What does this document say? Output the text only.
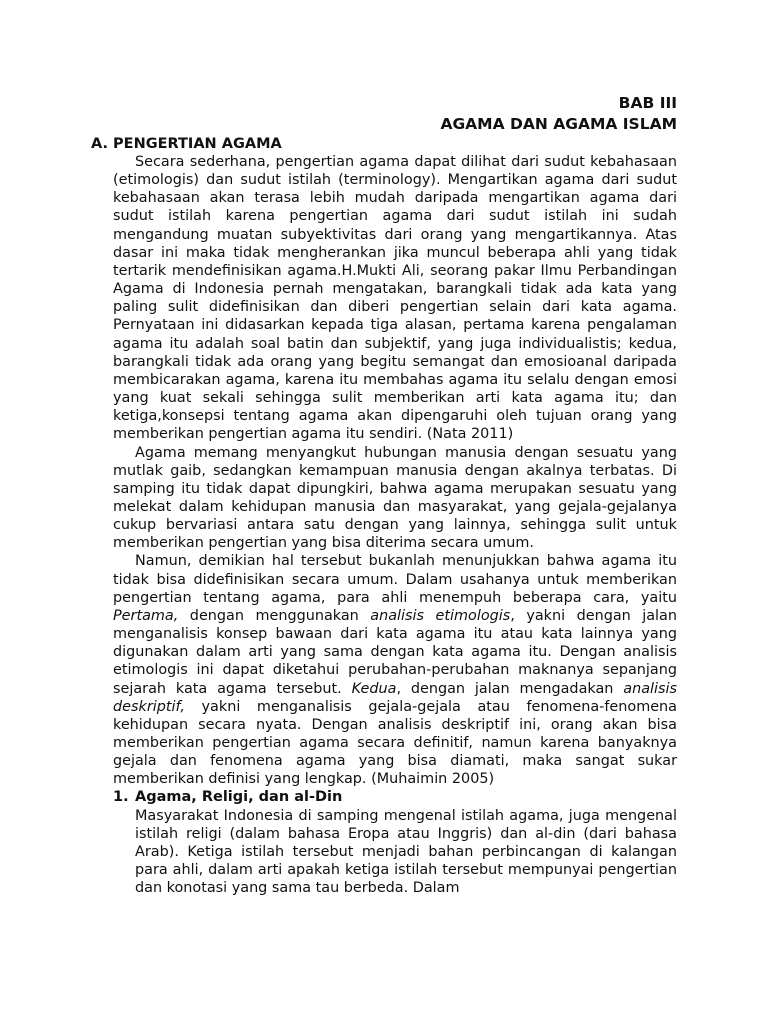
BAB III
AGAMA DAN AGAMA ISLAM
A. PENGERTIAN AGAMA

Secara sederhana, pengertian agama dapat dilihat dari sudut kebahasaan (etimologis) dan sudut istilah (terminology). Mengartikan agama dari sudut kebahasaan akan terasa lebih mudah daripada mengartikan agama dari sudut istilah karena pengertian agama dari sudut istilah ini sudah mengandung muatan subyektivitas dari orang yang mengartikannya. Atas dasar ini maka tidak mengherankan jika muncul beberapa ahli yang tidak tertarik mendefinisikan agama.H.Mukti Ali, seorang pakar Ilmu Perbandingan Agama di Indonesia pernah mengatakan, barangkali tidak ada kata yang paling sulit didefinisikan dan diberi pengertian selain dari kata agama. Pernyataan ini didasarkan kepada tiga alasan, pertama karena pengalaman agama itu adalah soal batin dan subjektif, yang juga individualistis; kedua, barangkali tidak ada orang yang begitu semangat dan emosioanal daripada membicarakan agama, karena itu membahas agama itu selalu dengan emosi yang kuat sekali sehingga sulit memberikan arti kata agama itu; dan ketiga,konsepsi tentang agama akan dipengaruhi oleh tujuan orang yang memberikan pengertian agama itu sendiri. (Nata 2011)

Agama memang menyangkut hubungan manusia dengan sesuatu yang mutlak gaib, sedangkan kemampuan manusia dengan akalnya terbatas. Di samping itu tidak dapat dipungkiri, bahwa agama merupakan sesuatu yang melekat dalam kehidupan manusia dan masyarakat, yang gejala-gejalanya cukup bervariasi antara satu dengan yang lainnya, sehingga sulit untuk memberikan pengertian yang bisa diterima secara umum.

Namun, demikian hal tersebut bukanlah menunjukkan bahwa agama itu tidak bisa didefinisikan secara umum. Dalam usahanya untuk memberikan pengertian tentang agama, para ahli menempuh beberapa cara, yaitu Pertama, dengan menggunakan analisis etimologis, yakni dengan jalan menganalisis konsep bawaan dari kata agama itu atau kata lainnya yang digunakan dalam arti yang sama dengan kata agama itu. Dengan analisis etimologis ini dapat diketahui perubahan-perubahan maknanya sepanjang sejarah kata agama tersebut. Kedua, dengan jalan mengadakan analisis deskriptif, yakni menganalisis gejala-gejala atau fenomena-fenomena kehidupan secara nyata. Dengan analisis deskriptif ini, orang akan bisa memberikan pengertian agama secara definitif, namun karena banyaknya gejala dan fenomena agama yang bisa diamati, maka sangat sukar memberikan definisi yang lengkap. (Muhaimin 2005)

1. Agama, Religi, dan al-Din

Masyarakat Indonesia di samping mengenal istilah agama, juga mengenal istilah religi (dalam bahasa Eropa atau Inggris) dan al-din (dari bahasa Arab). Ketiga istilah tersebut menjadi bahan perbincangan di kalangan para ahli, dalam arti apakah ketiga istilah tersebut mempunyai pengertian dan konotasi yang sama tau berbeda. Dalam
